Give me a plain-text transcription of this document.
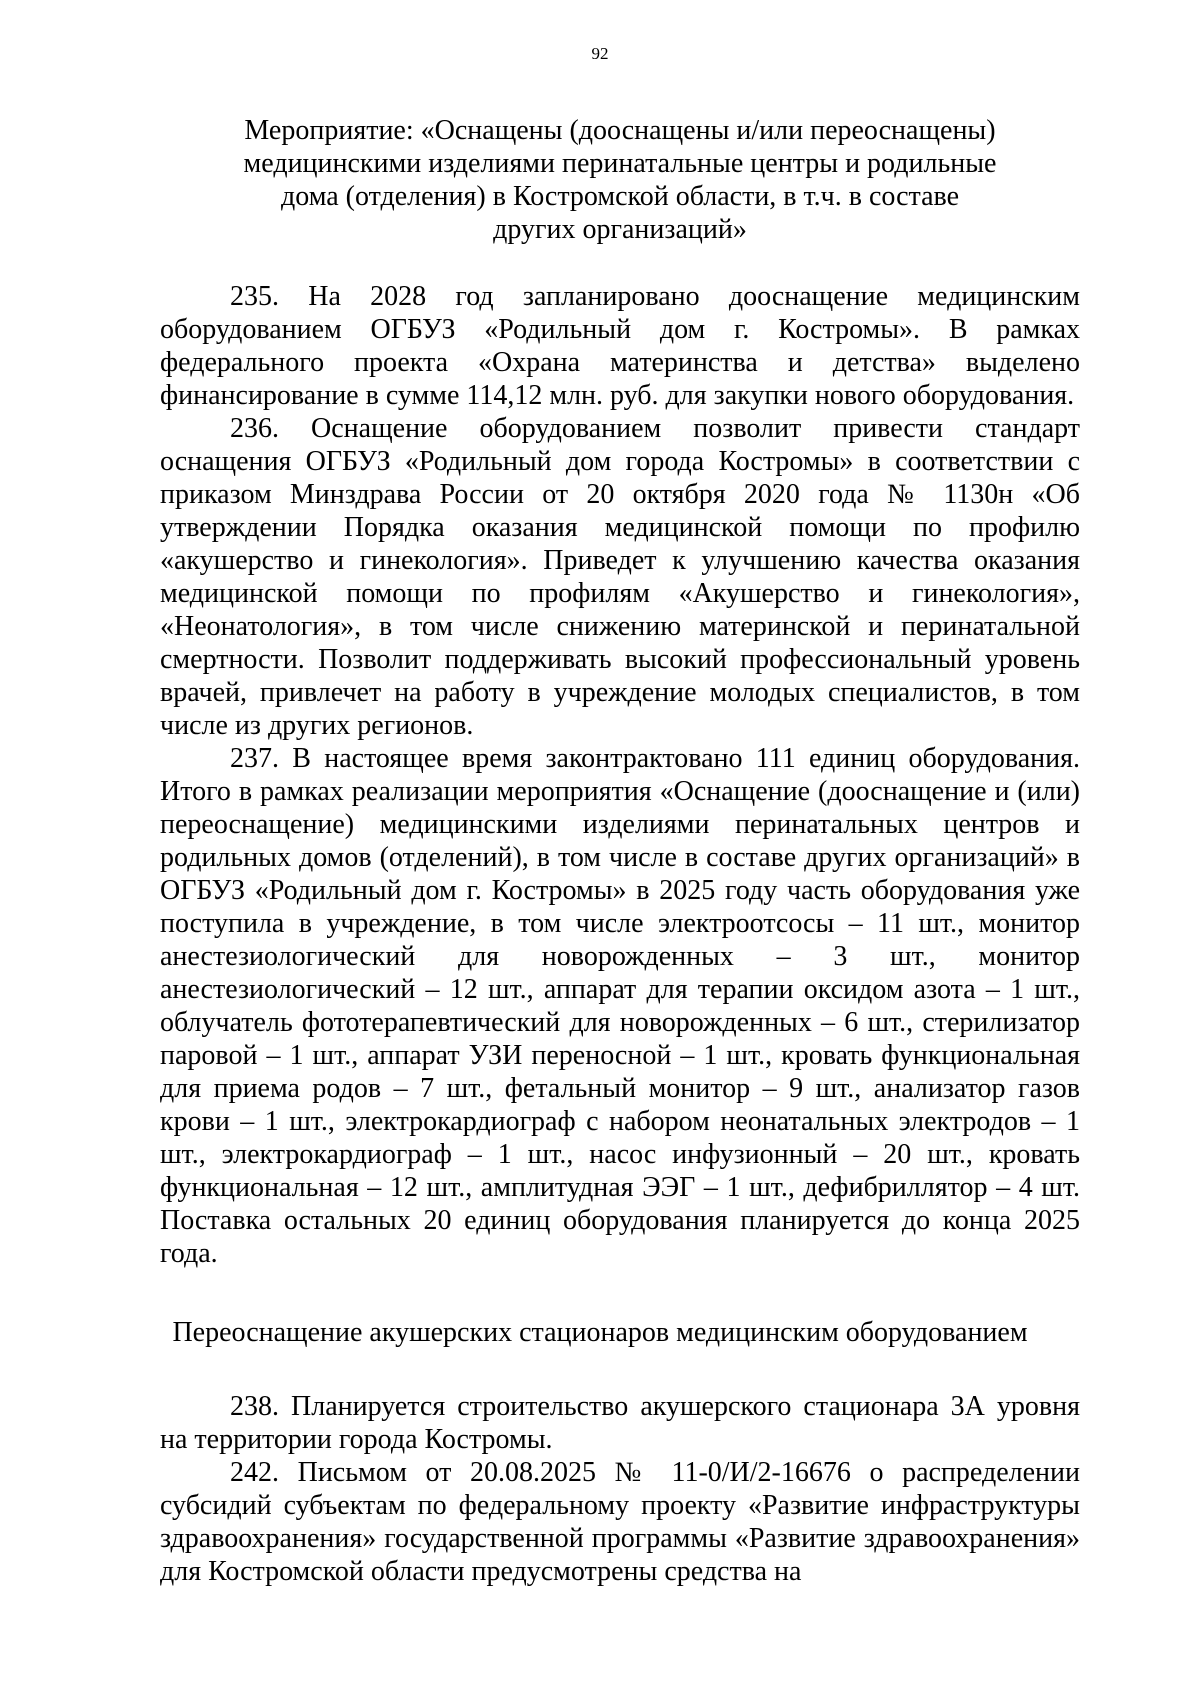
92

Мероприятие: «Оснащены (дооснащены и/или переоснащены) медицинскими изделиями перинатальные центры и родильные дома (отделения) в Костромской области, в т.ч. в составе других организаций»

235. На 2028 год запланировано дооснащение медицинским оборудованием ОГБУЗ «Родильный дом г. Костромы». В рамках федерального проекта «Охрана материнства и детства» выделено финансирование в сумме 114,12 млн. руб. для закупки нового оборудования.

236. Оснащение оборудованием позволит привести стандарт оснащения ОГБУЗ «Родильный дом города Костромы» в соответствии с приказом Минздрава России от 20 октября 2020 года № 1130н «Об утверждении Порядка оказания медицинской помощи по профилю «акушерство и гинекология». Приведет к улучшению качества оказания медицинской помощи по профилям «Акушерство и гинекология», «Неонатология», в том числе снижению материнской и перинатальной смертности. Позволит поддерживать высокий профессиональный уровень врачей, привлечет на работу в учреждение молодых специалистов, в том числе из других регионов.

237. В настоящее время законтрактовано 111 единиц оборудования. Итого в рамках реализации мероприятия «Оснащение (дооснащение и (или) переоснащение) медицинскими изделиями перинатальных центров и родильных домов (отделений), в том числе в составе других организаций» в ОГБУЗ «Родильный дом г. Костромы» в 2025 году часть оборудования уже поступила в учреждение, в том числе электроотсосы – 11 шт., монитор анестезиологический для новорожденных – 3 шт., монитор анестезиологический – 12 шт., аппарат для терапии оксидом азота – 1 шт., облучатель фототерапевтический для новорожденных – 6 шт., стерилизатор паровой – 1 шт., аппарат УЗИ переносной – 1 шт., кровать функциональная для приема родов – 7 шт., фетальный монитор – 9 шт., анализатор газов крови – 1 шт., электрокардиограф с набором неонатальных электродов – 1 шт., электрокардиограф – 1 шт., насос инфузионный – 20 шт., кровать функциональная – 12 шт., амплитудная ЭЭГ – 1 шт., дефибриллятор – 4 шт. Поставка остальных 20 единиц оборудования планируется до конца 2025 года.

Переоснащение акушерских стационаров медицинским оборудованием

238. Планируется строительство акушерского стационара 3А уровня на территории города Костромы.

242. Письмом от 20.08.2025 № 11-0/И/2-16676 о распределении субсидий субъектам по федеральному проекту «Развитие инфраструктуры здравоохранения» государственной программы «Развитие здравоохранения» для Костромской области предусмотрены средства на
